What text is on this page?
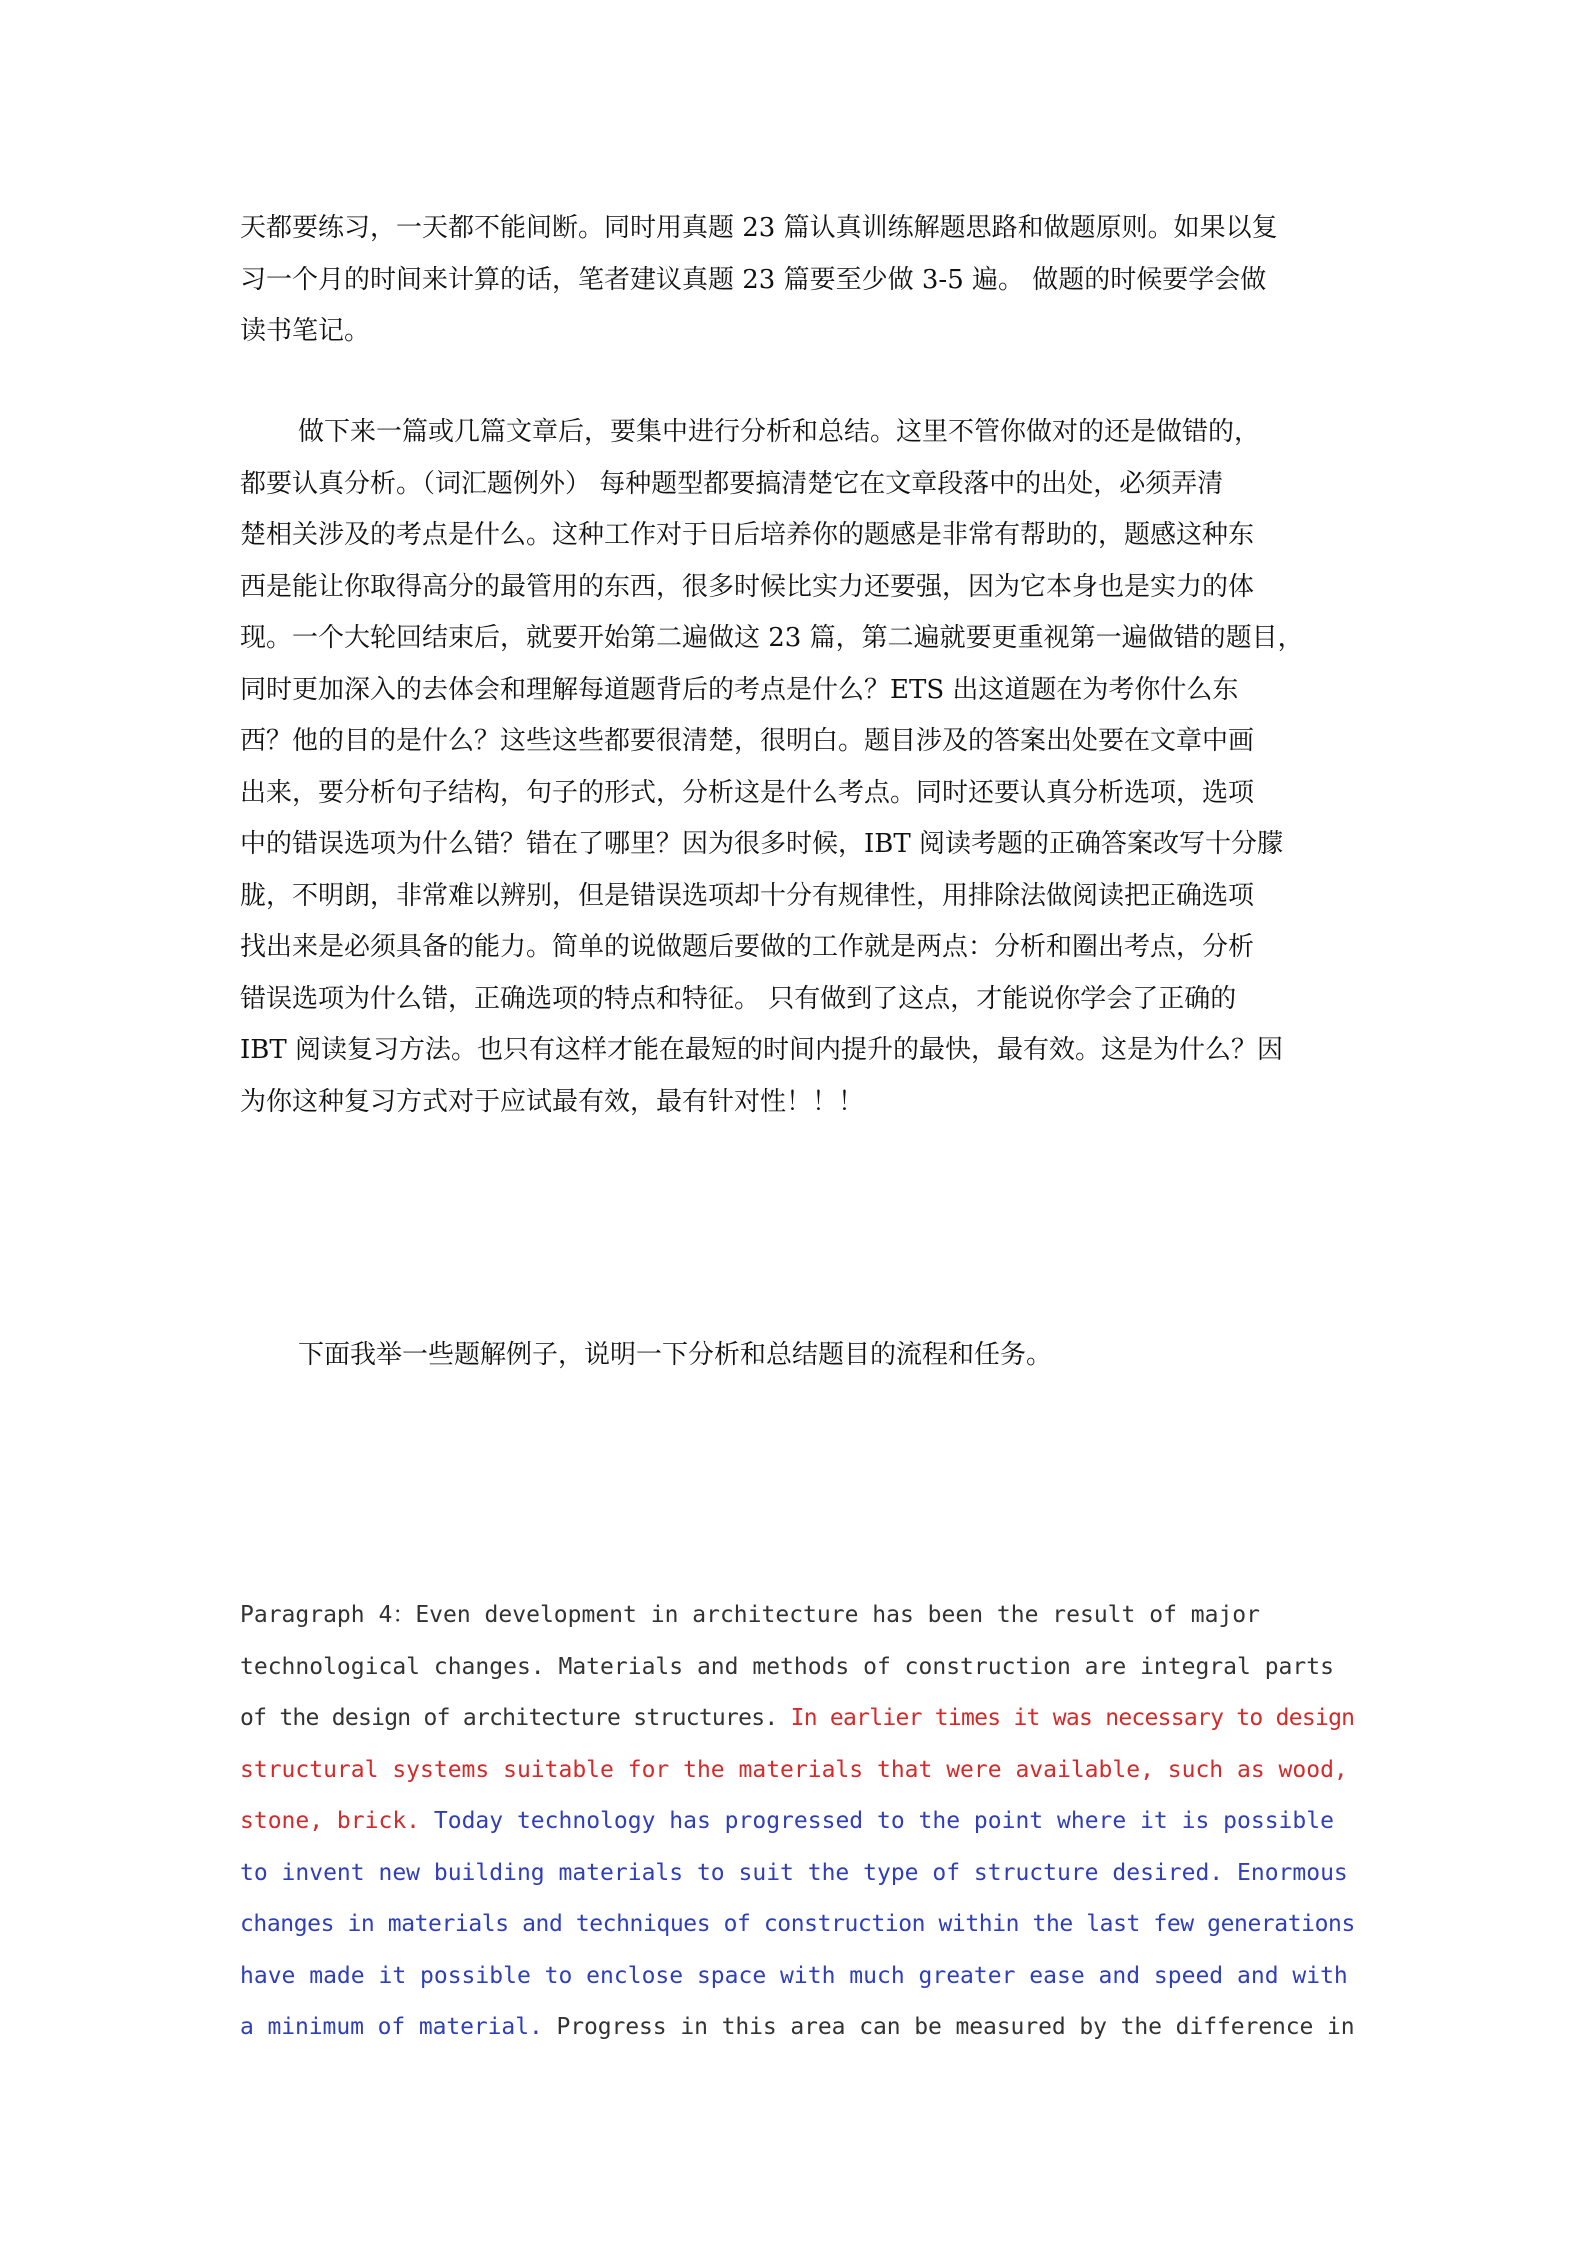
天都要练习，一天都不能间断。同时用真题 23 篇认真训练解题思路和做题原则。如果以复
习一个月的时间来计算的话，笔者建议真题 23 篇要至少做 3-5 遍。 做题的时候要学会做
读书笔记。
做下来一篇或几篇文章后，要集中进行分析和总结。这里不管你做对的还是做错的，
都要认真分析。（词汇题例外） 每种题型都要搞清楚它在文章段落中的出处，必须弄清
楚相关涉及的考点是什么。这种工作对于日后培养你的题感是非常有帮助的，题感这种东
西是能让你取得高分的最管用的东西，很多时候比实力还要强，因为它本身也是实力的体
现。一个大轮回结束后，就要开始第二遍做这 23 篇，第二遍就要更重视第一遍做错的题目，
同时更加深入的去体会和理解每道题背后的考点是什么？ETS 出这道题在为考你什么东
西？他的目的是什么？这些这些都要很清楚，很明白。题目涉及的答案出处要在文章中画
出来，要分析句子结构，句子的形式，分析这是什么考点。同时还要认真分析选项，选项
中的错误选项为什么错？错在了哪里？因为很多时候，IBT 阅读考题的正确答案改写十分朦
胧，不明朗，非常难以辨别，但是错误选项却十分有规律性，用排除法做阅读把正确选项
找出来是必须具备的能力。简单的说做题后要做的工作就是两点：分析和圈出考点，分析
错误选项为什么错，正确选项的特点和特征。 只有做到了这点，才能说你学会了正确的
IBT 阅读复习方法。也只有这样才能在最短的时间内提升的最快，最有效。这是为什么？因
为你这种复习方式对于应试最有效，最有针对性！！！
下面我举一些题解例子，说明一下分析和总结题目的流程和任务。
Paragraph 4：Even development in architecture has been the result of major
technological changes. Materials and methods of construction are integral parts
of the design of architecture structures. In earlier times it was necessary to design
structural systems suitable for the materials that were available, such as wood,
stone, brick. Today technology has progressed to the point where it is possible
to invent new building materials to suit the type of structure desired. Enormous
changes in materials and techniques of construction within the last few generations
have made it possible to enclose space with much greater ease and speed and with
a minimum of material. Progress in this area can be measured by the difference in
